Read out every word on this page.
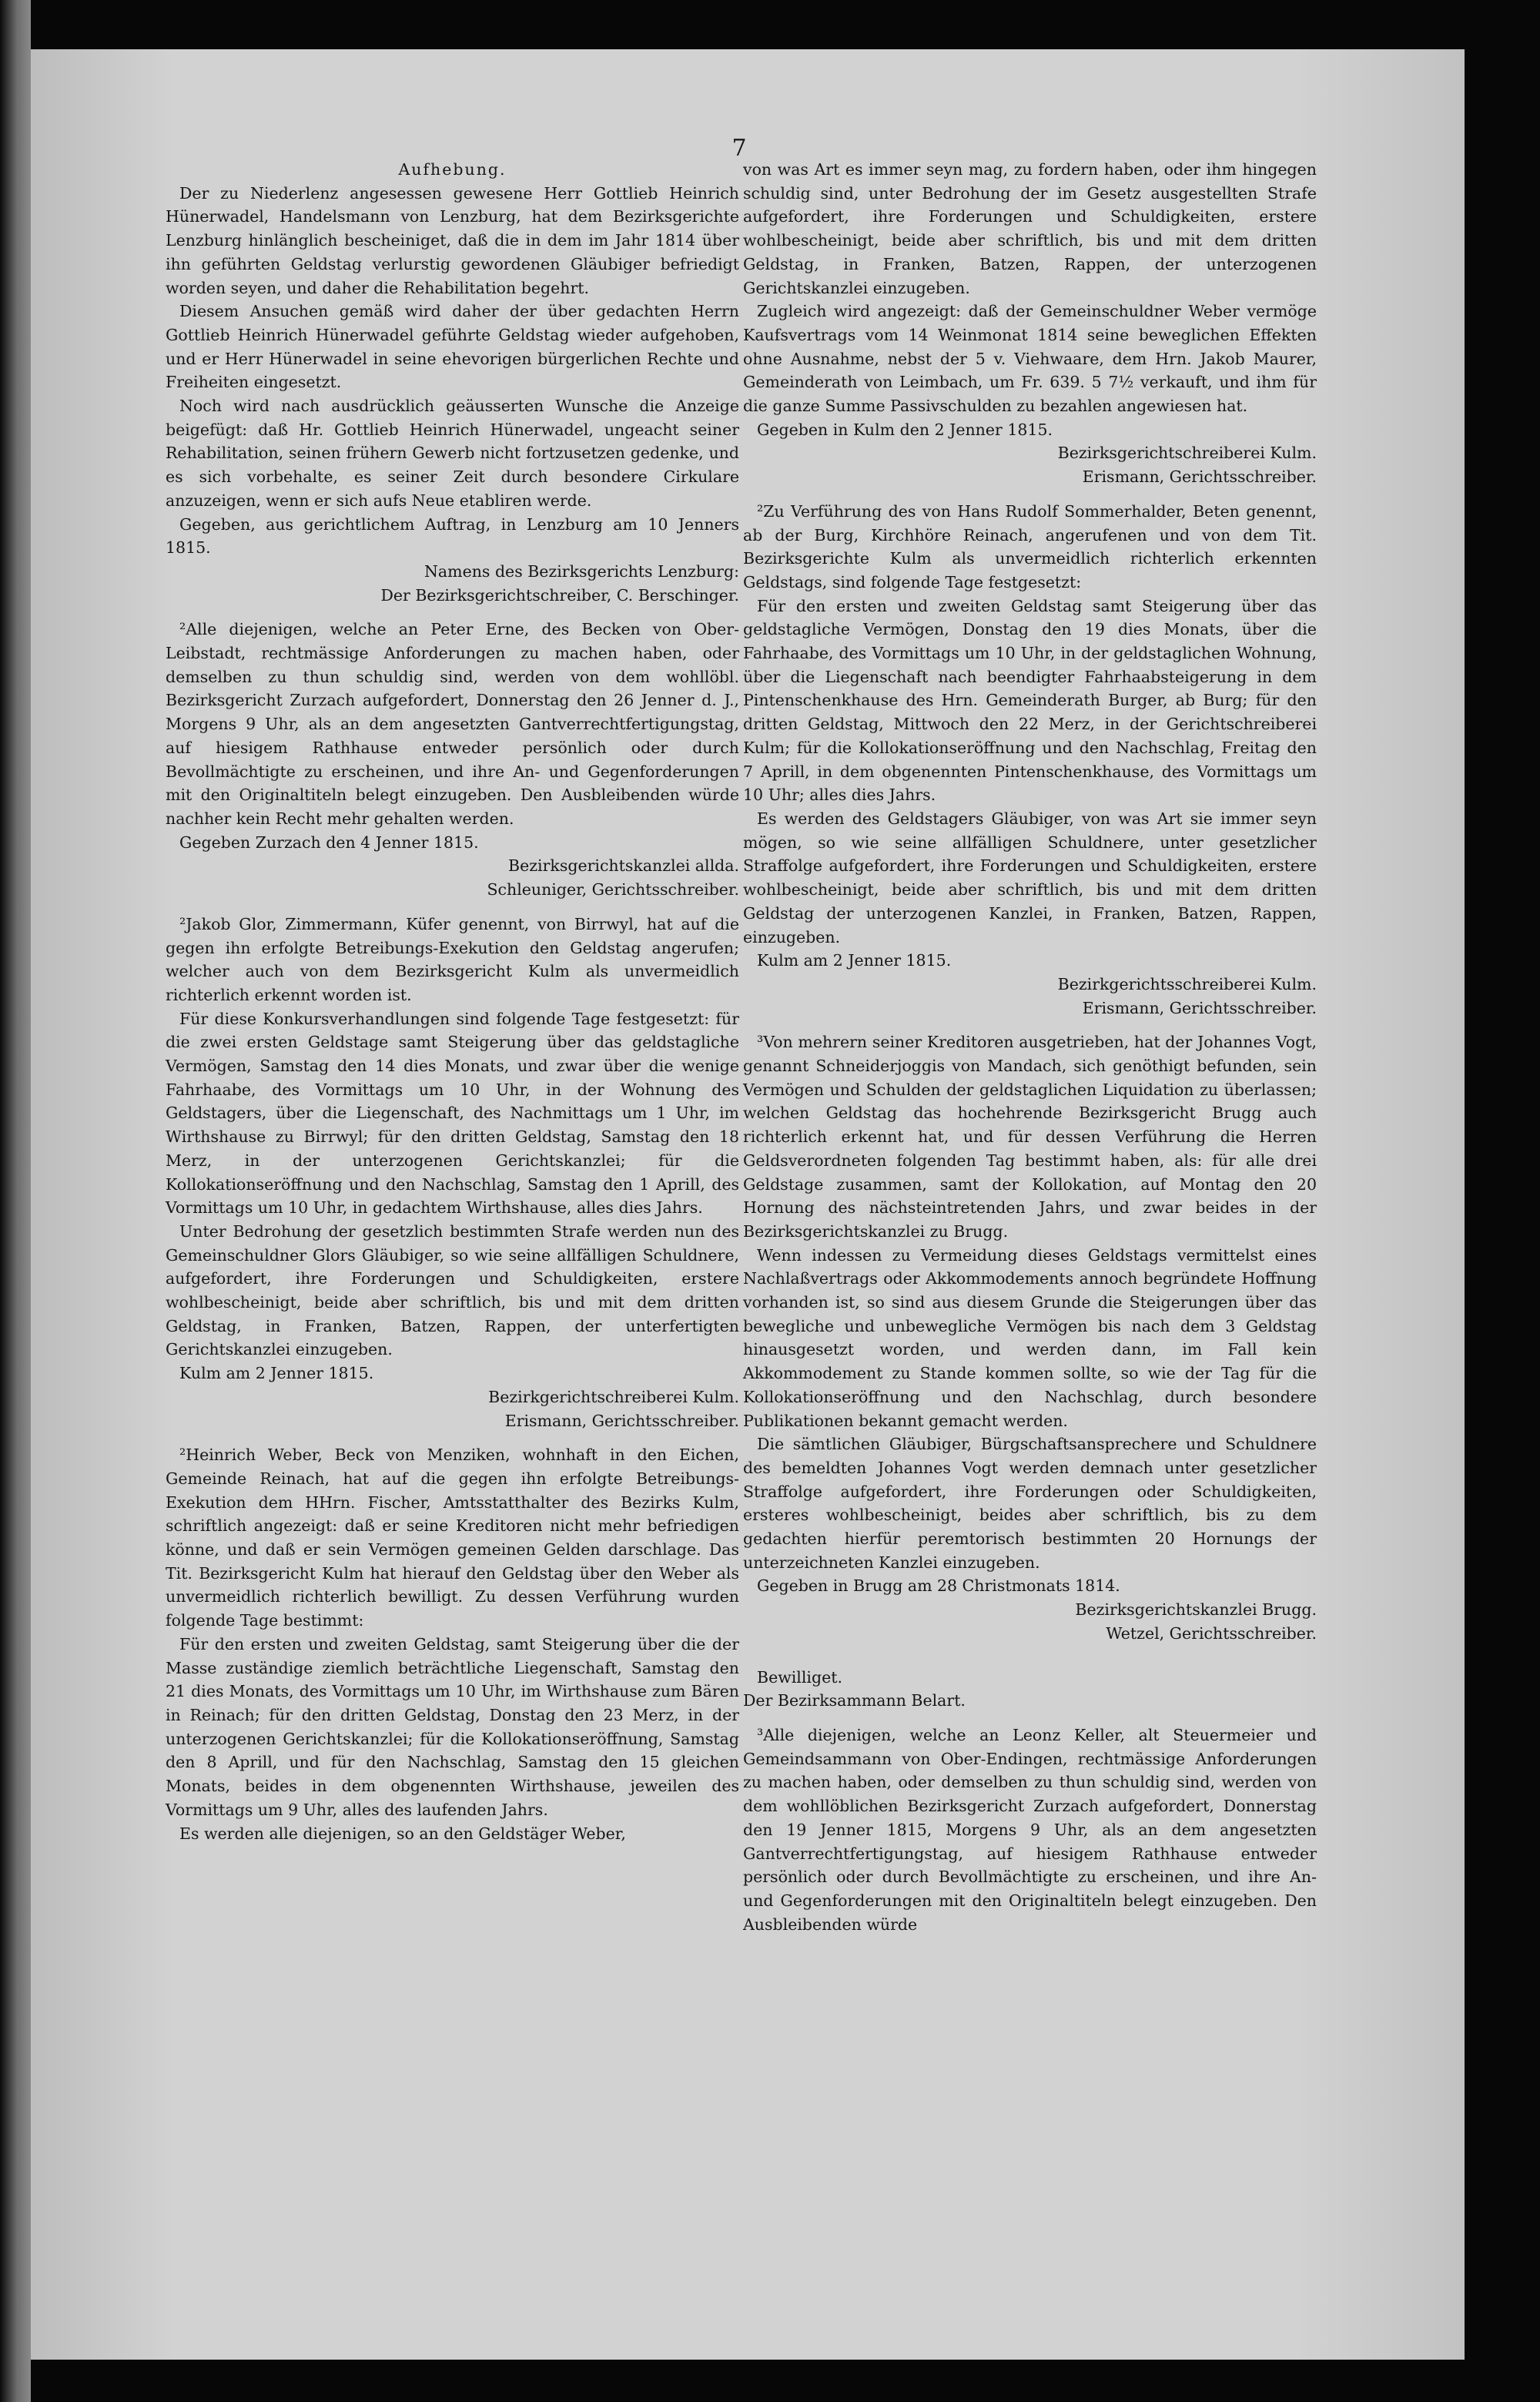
7

Aufhebung.

Der zu Niederlenz angesessen gewesene Herr Gottlieb Heinrich Hünerwadel, Handelsmann von Lenzburg, hat dem Bezirksgerichte Lenzburg hinlänglich bescheiniget, daß die in dem im Jahr 1814 über ihn geführten Geldstag verlurstig gewordenen Gläubiger befriedigt worden seyen, und daher die Rehabilitation begehrt.

Diesem Ansuchen gemäß wird daher der über gedachten Herrn Gottlieb Heinrich Hünerwadel geführte Geldstag wieder aufgehoben, und er Herr Hünerwadel in seine ehevorigen bürgerlichen Rechte und Freiheiten eingesetzt.

Noch wird nach ausdrücklich geäusserten Wunsche die Anzeige beigefügt: daß Hr. Gottlieb Heinrich Hünerwadel, ungeacht seiner Rehabilitation, seinen frühern Gewerb nicht fortzusetzen gedenke, und es sich vorbehalte, es seiner Zeit durch besondere Cirkulare anzuzeigen, wenn er sich aufs Neue etabliren werde.

Gegeben, aus gerichtlichem Auftrag, in Lenzburg am 10 Jenners 1815.

Namens des Bezirksgerichts Lenzburg:

Der Bezirksgerichtschreiber, C. Berschinger.

²Alle diejenigen, welche an Peter Erne, des Becken von Ober-Leibstadt, rechtmässige Anforderungen zu machen haben, oder demselben zu thun schuldig sind, werden von dem wohllöbl. Bezirksgericht Zurzach aufgefordert, Donnerstag den 26 Jenner d. J., Morgens 9 Uhr, als an dem angesetzten Gantverrechtfertigungstag, auf hiesigem Rathhause entweder persönlich oder durch Bevollmächtigte zu erscheinen, und ihre An- und Gegenforderungen mit den Originaltiteln belegt einzugeben. Den Ausbleibenden würde nachher kein Recht mehr gehalten werden.

Gegeben Zurzach den 4 Jenner 1815.

Bezirksgerichtskanzlei allda.

Schleuniger, Gerichtsschreiber.

²Jakob Glor, Zimmermann, Küfer genennt, von Birrwyl, hat auf die gegen ihn erfolgte Betreibungs-Exekution den Geldstag angerufen; welcher auch von dem Bezirksgericht Kulm als unvermeidlich richterlich erkennt worden ist.

Für diese Konkursverhandlungen sind folgende Tage festgesetzt: für die zwei ersten Geldstage samt Steigerung über das geldstagliche Vermögen, Samstag den 14 dies Monats, und zwar über die wenige Fahrhaabe, des Vormittags um 10 Uhr, in der Wohnung des Geldstagers, über die Liegenschaft, des Nachmittags um 1 Uhr, im Wirthshause zu Birrwyl; für den dritten Geldstag, Samstag den 18 Merz, in der unterzogenen Gerichtskanzlei; für die Kollokationseröffnung und den Nachschlag, Samstag den 1 Aprill, des Vormittags um 10 Uhr, in gedachtem Wirthshause, alles dies Jahrs.

Unter Bedrohung der gesetzlich bestimmten Strafe werden nun des Gemeinschuldner Glors Gläubiger, so wie seine allfälligen Schuldnere, aufgefordert, ihre Forderungen und Schuldigkeiten, erstere wohlbescheinigt, beide aber schriftlich, bis und mit dem dritten Geldstag, in Franken, Batzen, Rappen, der unterfertigten Gerichtskanzlei einzugeben.

Kulm am 2 Jenner 1815.

Bezirkgerichtschreiberei Kulm.

Erismann, Gerichtsschreiber.

²Heinrich Weber, Beck von Menziken, wohnhaft in den Eichen, Gemeinde Reinach, hat auf die gegen ihn erfolgte Betreibungs-Exekution dem HHrn. Fischer, Amtsstatthalter des Bezirks Kulm, schriftlich angezeigt: daß er seine Kreditoren nicht mehr befriedigen könne, und daß er sein Vermögen gemeinen Gelden darschlage. Das Tit. Bezirksgericht Kulm hat hierauf den Geldstag über den Weber als unvermeidlich richterlich bewilligt. Zu dessen Verführung wurden folgende Tage bestimmt:

Für den ersten und zweiten Geldstag, samt Steigerung über die der Masse zuständige ziemlich beträchtliche Liegenschaft, Samstag den 21 dies Monats, des Vormittags um 10 Uhr, im Wirthshause zum Bären in Reinach; für den dritten Geldstag, Donstag den 23 Merz, in der unterzogenen Gerichtskanzlei; für die Kollokationseröffnung, Samstag den 8 Aprill, und für den Nachschlag, Samstag den 15 gleichen Monats, beides in dem obgenennten Wirthshause, jeweilen des Vormittags um 9 Uhr, alles des laufenden Jahrs.

Es werden alle diejenigen, so an den Geldstäger Weber,

von was Art es immer seyn mag, zu fordern haben, oder ihm hingegen schuldig sind, unter Bedrohung der im Gesetz ausgestellten Strafe aufgefordert, ihre Forderungen und Schuldigkeiten, erstere wohlbescheinigt, beide aber schriftlich, bis und mit dem dritten Geldstag, in Franken, Batzen, Rappen, der unterzogenen Gerichtskanzlei einzugeben.

Zugleich wird angezeigt: daß der Gemeinschuldner Weber vermöge Kaufsvertrags vom 14 Weinmonat 1814 seine beweglichen Effekten ohne Ausnahme, nebst der 5 v. Viehwaare, dem Hrn. Jakob Maurer, Gemeinderath von Leimbach, um Fr. 639. 5 7½ verkauft, und ihm für die ganze Summe Passivschulden zu bezahlen angewiesen hat.

Gegeben in Kulm den 2 Jenner 1815.

Bezirksgerichtschreiberei Kulm.

Erismann, Gerichtsschreiber.

²Zu Verführung des von Hans Rudolf Sommerhalder, Beten genennt, ab der Burg, Kirchhöre Reinach, angerufenen und von dem Tit. Bezirksgerichte Kulm als unvermeidlich richterlich erkennten Geldstags, sind folgende Tage festgesetzt:

Für den ersten und zweiten Geldstag samt Steigerung über das geldstagliche Vermögen, Donstag den 19 dies Monats, über die Fahrhaabe, des Vormittags um 10 Uhr, in der geldstaglichen Wohnung, über die Liegenschaft nach beendigter Fahrhaabsteigerung in dem Pintenschenkhause des Hrn. Gemeinderath Burger, ab Burg; für den dritten Geldstag, Mittwoch den 22 Merz, in der Gerichtschreiberei Kulm; für die Kollokationseröffnung und den Nachschlag, Freitag den 7 Aprill, in dem obgenennten Pintenschenkhause, des Vormittags um 10 Uhr; alles dies Jahrs.

Es werden des Geldstagers Gläubiger, von was Art sie immer seyn mögen, so wie seine allfälligen Schuldnere, unter gesetzlicher Straffolge aufgefordert, ihre Forderungen und Schuldigkeiten, erstere wohlbescheinigt, beide aber schriftlich, bis und mit dem dritten Geldstag der unterzogenen Kanzlei, in Franken, Batzen, Rappen, einzugeben.

Kulm am 2 Jenner 1815.

Bezirkgerichtsschreiberei Kulm.

Erismann, Gerichtsschreiber.

³Von mehrern seiner Kreditoren ausgetrieben, hat der Johannes Vogt, genannt Schneiderjoggis von Mandach, sich genöthigt befunden, sein Vermögen und Schulden der geldstaglichen Liquidation zu überlassen; welchen Geldstag das hochehrende Bezirksgericht Brugg auch richterlich erkennt hat, und für dessen Verführung die Herren Geldsverordneten folgenden Tag bestimmt haben, als: für alle drei Geldstage zusammen, samt der Kollokation, auf Montag den 20 Hornung des nächsteintretenden Jahrs, und zwar beides in der Bezirksgerichtskanzlei zu Brugg.

Wenn indessen zu Vermeidung dieses Geldstags vermittelst eines Nachlaßvertrags oder Akkommodements annoch begründete Hoffnung vorhanden ist, so sind aus diesem Grunde die Steigerungen über das bewegliche und unbewegliche Vermögen bis nach dem 3 Geldstag hinausgesetzt worden, und werden dann, im Fall kein Akkommodement zu Stande kommen sollte, so wie der Tag für die Kollokationseröffnung und den Nachschlag, durch besondere Publikationen bekannt gemacht werden.

Die sämtlichen Gläubiger, Bürgschaftsansprechere und Schuldnere des bemeldten Johannes Vogt werden demnach unter gesetzlicher Straffolge aufgefordert, ihre Forderungen oder Schuldigkeiten, ersteres wohlbescheinigt, beides aber schriftlich, bis zu dem gedachten hierfür peremtorisch bestimmten 20 Hornungs der unterzeichneten Kanzlei einzugeben.

Gegeben in Brugg am 28 Christmonats 1814.

Bezirksgerichtskanzlei Brugg.

Wetzel, Gerichtsschreiber.

Bewilliget.

Der Bezirksammann Belart.

³Alle diejenigen, welche an Leonz Keller, alt Steuermeier und Gemeindsammann von Ober-Endingen, rechtmässige Anforderungen zu machen haben, oder demselben zu thun schuldig sind, werden von dem wohllöblichen Bezirksgericht Zurzach aufgefordert, Donnerstag den 19 Jenner 1815, Morgens 9 Uhr, als an dem angesetzten Gantverrechtfertigungstag, auf hiesigem Rathhause entweder persönlich oder durch Bevollmächtigte zu erscheinen, und ihre An- und Gegenforderungen mit den Originaltiteln belegt einzugeben. Den Ausbleibenden würde
